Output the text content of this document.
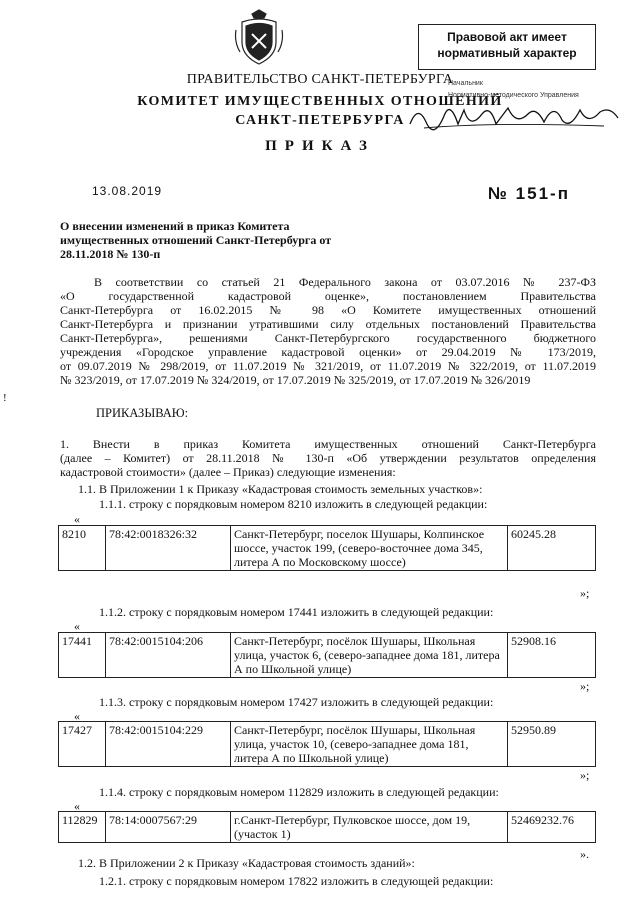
Правовой акт имеет
нормативный характер
ПРАВИТЕЛЬСТВО САНКТ-ПЕТЕРБУРГА
КОМИТЕТ ИМУЩЕСТВЕННЫХ ОТНОШЕНИЙ
САНКТ-ПЕТЕРБУРГА
Начальник
Нормативно-методического Управления
ПРИКАЗ
13.08.2019	№ 151-п
О внесении изменений в приказ Комитета имущественных отношений Санкт-Петербурга от 28.11.2018 № 130-п
!

В соответствии со статьей 21 Федерального закона от 03.07.2016 № 237-ФЗ

«О государственной кадастровой оценке», постановлением Правительства

Санкт-Петербурга от 16.02.2015 № 98 «О Комитете имущественных отношений

Санкт-Петербурга и признании утратившими силу отдельных постановлений Правительства

Санкт-Петербурга», решениями Санкт-Петербургского государственного бюджетного

учреждения «Городское управление кадастровой оценки» от 29.04.2019 № 173/2019,

от 09.07.2019 № 298/2019, от 11.07.2019 № 321/2019, от 11.07.2019 № 322/2019, от 11.07.2019

№ 323/2019, от 17.07.2019 № 324/2019, от 17.07.2019 № 325/2019, от 17.07.2019 № 326/2019

ПРИКАЗЫВАЮ:

1. Внести в приказ Комитета имущественных отношений Санкт-Петербурга

(далее – Комитет) от 28.11.2018 № 130-п «Об утверждении результатов определения

кадастровой стоимости» (далее – Приказ) следующие изменения:

1.1. В Приложении 1 к Приказу «Кадастровая стоимость земельных участков»:
1.1.1. строку с порядковым номером 8210 изложить в следующей редакции:
«
8210	78:42:0018326:32	Санкт-Петербург, поселок Шушары, Колпинское шоссе, участок 199, (северо-восточнее дома 345, литера А по Московскому шоссе)	60245.28
»;
1.1.2. строку с порядковым номером 17441 изложить в следующей редакции:
«
17441	78:42:0015104:206	Санкт-Петербург, посёлок Шушары, Школьная улица, участок 6, (северо-западнее дома 181, литера А по Школьной улице)	52908.16
»;
1.1.3. строку с порядковым номером 17427 изложить в следующей редакции:
«
17427	78:42:0015104:229	Санкт-Петербург, посёлок Шушары, Школьная улица, участок 10, (северо-западнее дома 181, литера А по Школьной улице)	52950.89
»;
1.1.4. строку с порядковым номером 112829 изложить в следующей редакции:
«
112829	78:14:0007567:29	г.Санкт-Петербург, Пулковское шоссе, дом 19, (участок 1)	52469232.76
».
1.2. В Приложении 2 к Приказу «Кадастровая стоимость зданий»:
1.2.1. строку с порядковым номером 17822 изложить в следующей редакции:
